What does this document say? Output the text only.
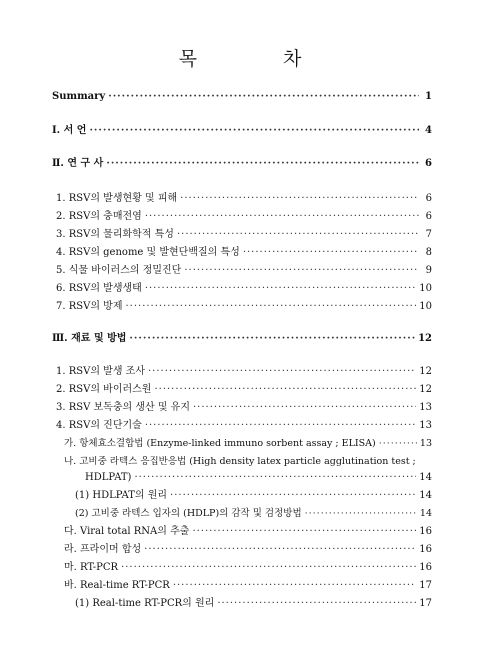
목 차
Summary ·····	1
Ⅰ. 서 언 ·····	4
Ⅱ. 연 구 사 ·····	6
1. RSV의 발생현황 및 피해 ·····	6
2. RSV의 충매전염 ·····	6
3. RSV의 물리화학적 특성 ·····	7
4. RSV의 genome 및 발현단백질의 특성 ·····	8
5. 식물 바이러스의 정밀진단 ·····	9
6. RSV의 발생생태 ·····	10
7. RSV의 방제 ·····	10
Ⅲ. 재료 및 방법 ·····	12
1. RSV의 발생 조사 ·····	12
2. RSV의 바이러스원 ·····	12
3. RSV 보독충의 생산 및 유지 ·····	13
4. RSV의 진단기술 ·····	13
가. 항체효소결합법 (Enzyme-linked immuno sorbent assay ; ELISA) ·····	13
나. 고비중 라텍스 응집반응법 (High density latex particle agglutination test ;
HDLPAT) ·····	14
(1) HDLPAT의 원리 ·····	14
(2) 고비중 라텍스 입자의 (HDLP)의 감작 및 검정방법 ·····	14
다. Viral total RNA의 추출 ·····	16
라. 프라이머 합성 ·····	16
마. RT-PCR ·····	16
바. Real-time RT-PCR ·····	17
(1) Real-time RT-PCR의 원리 ·····	17
